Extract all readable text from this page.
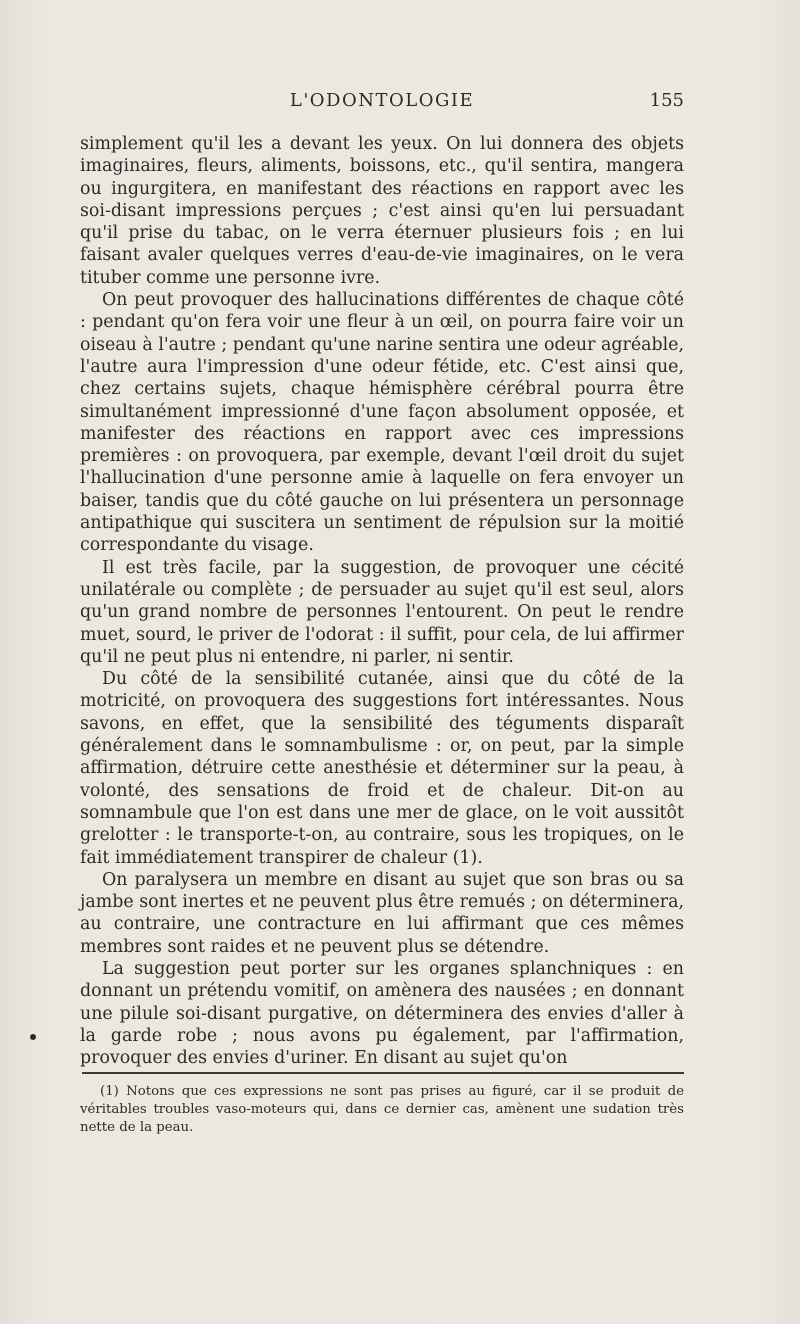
L'ODONTOLOGIE	155

simplement qu'il les a devant les yeux. On lui donnera des objets imaginaires, fleurs, aliments, boissons, etc., qu'il sentira, mangera ou ingurgitera, en manifestant des réactions en rapport avec les soi-disant impressions perçues ; c'est ainsi qu'en lui persuadant qu'il prise du tabac, on le verra éternuer plusieurs fois ; en lui faisant avaler quelques verres d'eau-de-vie imaginaires, on le vera tituber comme une personne ivre.

On peut provoquer des hallucinations différentes de chaque côté : pendant qu'on fera voir une fleur à un œil, on pourra faire voir un oiseau à l'autre ; pendant qu'une narine sentira une odeur agréable, l'autre aura l'impression d'une odeur fétide, etc. C'est ainsi que, chez certains sujets, chaque hémisphère cérébral pourra être simultanément impressionné d'une façon absolument opposée, et manifester des réactions en rapport avec ces impressions premières : on provoquera, par exemple, devant l'œil droit du sujet l'hallucination d'une personne amie à laquelle on fera envoyer un baiser, tandis que du côté gauche on lui présentera un personnage antipathique qui suscitera un sentiment de répulsion sur la moitié correspondante du visage.

Il est très facile, par la suggestion, de provoquer une cécité unilatérale ou complète ; de persuader au sujet qu'il est seul, alors qu'un grand nombre de personnes l'entourent. On peut le rendre muet, sourd, le priver de l'odorat : il suffit, pour cela, de lui affirmer qu'il ne peut plus ni entendre, ni parler, ni sentir.

Du côté de la sensibilité cutanée, ainsi que du côté de la motricité, on provoquera des suggestions fort intéressantes. Nous savons, en effet, que la sensibilité des téguments disparaît généralement dans le somnambulisme : or, on peut, par la simple affirmation, détruire cette anesthésie et déterminer sur la peau, à volonté, des sensations de froid et de chaleur. Dit-on au somnambule que l'on est dans une mer de glace, on le voit aussitôt grelotter : le transporte-t-on, au contraire, sous les tropiques, on le fait immédiatement transpirer de chaleur (1).

On paralysera un membre en disant au sujet que son bras ou sa jambe sont inertes et ne peuvent plus être remués ; on déterminera, au contraire, une contracture en lui affirmant que ces mêmes membres sont raides et ne peuvent plus se détendre.

La suggestion peut porter sur les organes splanchniques : en donnant un prétendu vomitif, on amènera des nausées ; en donnant une pilule soi-disant purgative, on déterminera des envies d'aller à la garde robe ; nous avons pu également, par l'affirmation, provoquer des envies d'uriner. En disant au sujet qu'on

(1) Notons que ces expressions ne sont pas prises au figuré, car il se produit de véritables troubles vaso-moteurs qui, dans ce dernier cas, amènent une sudation très nette de la peau.
